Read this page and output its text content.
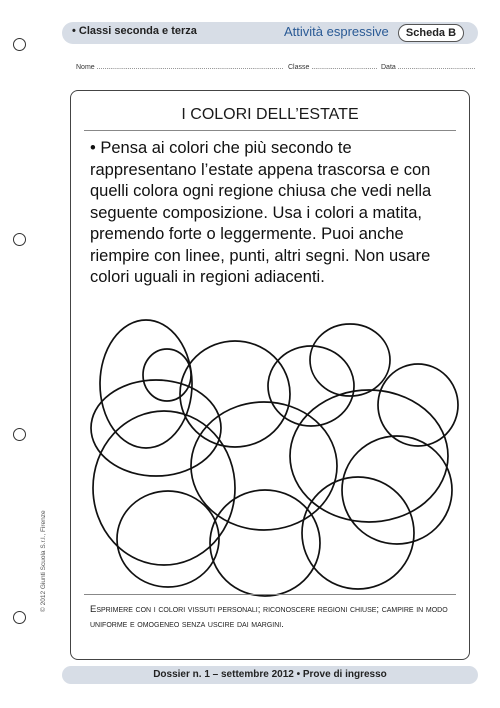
• Classi seconda e terza	Attività espressive	Scheda B
Nome ................................................................................................ Classe .................................. Data ........................................
I COLORI DELL’ESTATE
• Pensa ai colori che più secondo te rappresentano l’estate appena trascorsa e con quelli colora ogni regione chiusa che vedi nella seguente composizione. Usa i colori a matita, premendo forte o leggermente. Puoi anche riempire con linee, punti, altri segni. Non usare colori uguali in regioni adiacenti.
Esprimere con i colori vissuti personali; riconoscere regioni chiuse; campire in modo uniforme e omogeneo senza uscire dai margini.
© 2012 Giunti Scuola S.r.l., Firenze
Dossier n. 1 – settembre 2012 • Prove di ingresso
